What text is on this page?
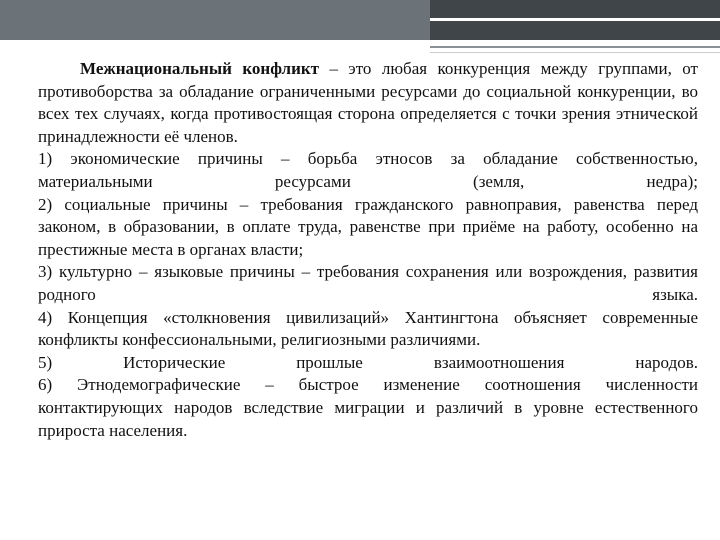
Межнациональный конфликт – это любая конкуренция между группами, от противоборства за обладание ограниченными ресурсами до социальной конкуренции, во всех тех случаях, когда противостоящая сторона определяется с точки зрения этнической принадлежности её членов.

1) экономические причины – борьба этносов за обладание собственностью, материальными ресурсами (земля, недра);

2) социальные причины – требования гражданского равноправия, равенства перед законом, в образовании, в оплате труда, равенстве при приёме на работу, особенно на престижные места в органах власти;

3) культурно – языковые причины – требования сохранения или возрождения, развития родного языка.

4) Концепция «столкновения цивилизаций» Хантингтона объясняет современные конфликты конфессиональными, религиозными различиями.

5) Исторические прошлые взаимоотношения народов.

6) Этнодемографические – быстрое изменение соотношения численности контактирующих народов вследствие миграции и различий в уровне естественного прироста населения.
